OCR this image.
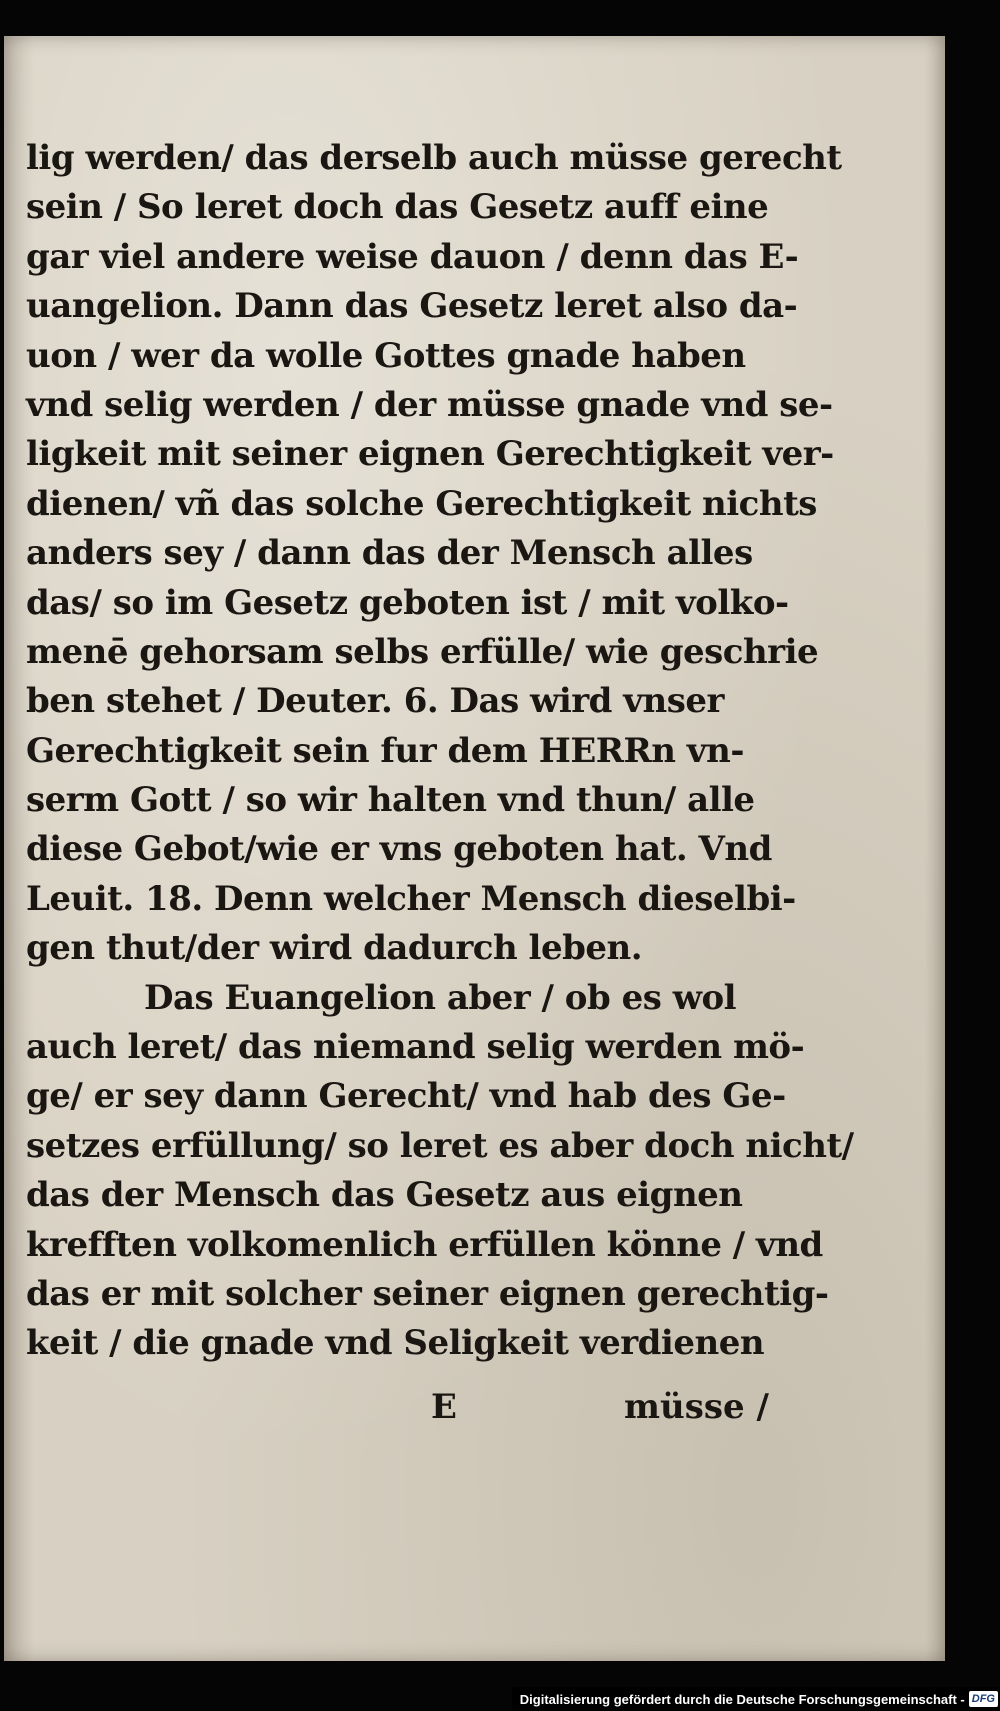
lig werden/ das derselb auch müsse gerecht
sein / So leret doch das Gesetz auff eine
gar viel andere weise dauon / denn das E-
uangelion. Dann das Gesetz leret also da-
uon / wer da wolle Gottes gnade haben
vnd selig werden / der müsse gnade vnd se-
ligkeit mit seiner eignen Gerechtigkeit ver-
dienen/ vñ das solche Gerechtigkeit nichts
anders sey / dann das der Mensch alles
das/ so im Gesetz geboten ist / mit volko-
menē gehorsam selbs erfülle/ wie geschrie
ben stehet / Deuter. 6. Das wird vnser
Gerechtigkeit sein fur dem HERRn vn-
serm Gott / so wir halten vnd thun/ alle
diese Gebot/wie er vns geboten hat. Vnd
Leuit. 18. Denn welcher Mensch dieselbi-
gen thut/der wird dadurch leben.
Das Euangelion aber / ob es wol
auch leret/ das niemand selig werden mö-
ge/ er sey dann Gerecht/ vnd hab des Ge-
setzes erfüllung/ so leret es aber doch nicht/
das der Mensch das Gesetz aus eignen
krefften volkomenlich erfüllen könne / vnd
das er mit solcher seiner eignen gerechtig-
keit / die gnade vnd Seligkeit verdienen
E	müsse /
Digitalisierung gefördert durch die Deutsche Forschungsgemeinschaft - DFG
